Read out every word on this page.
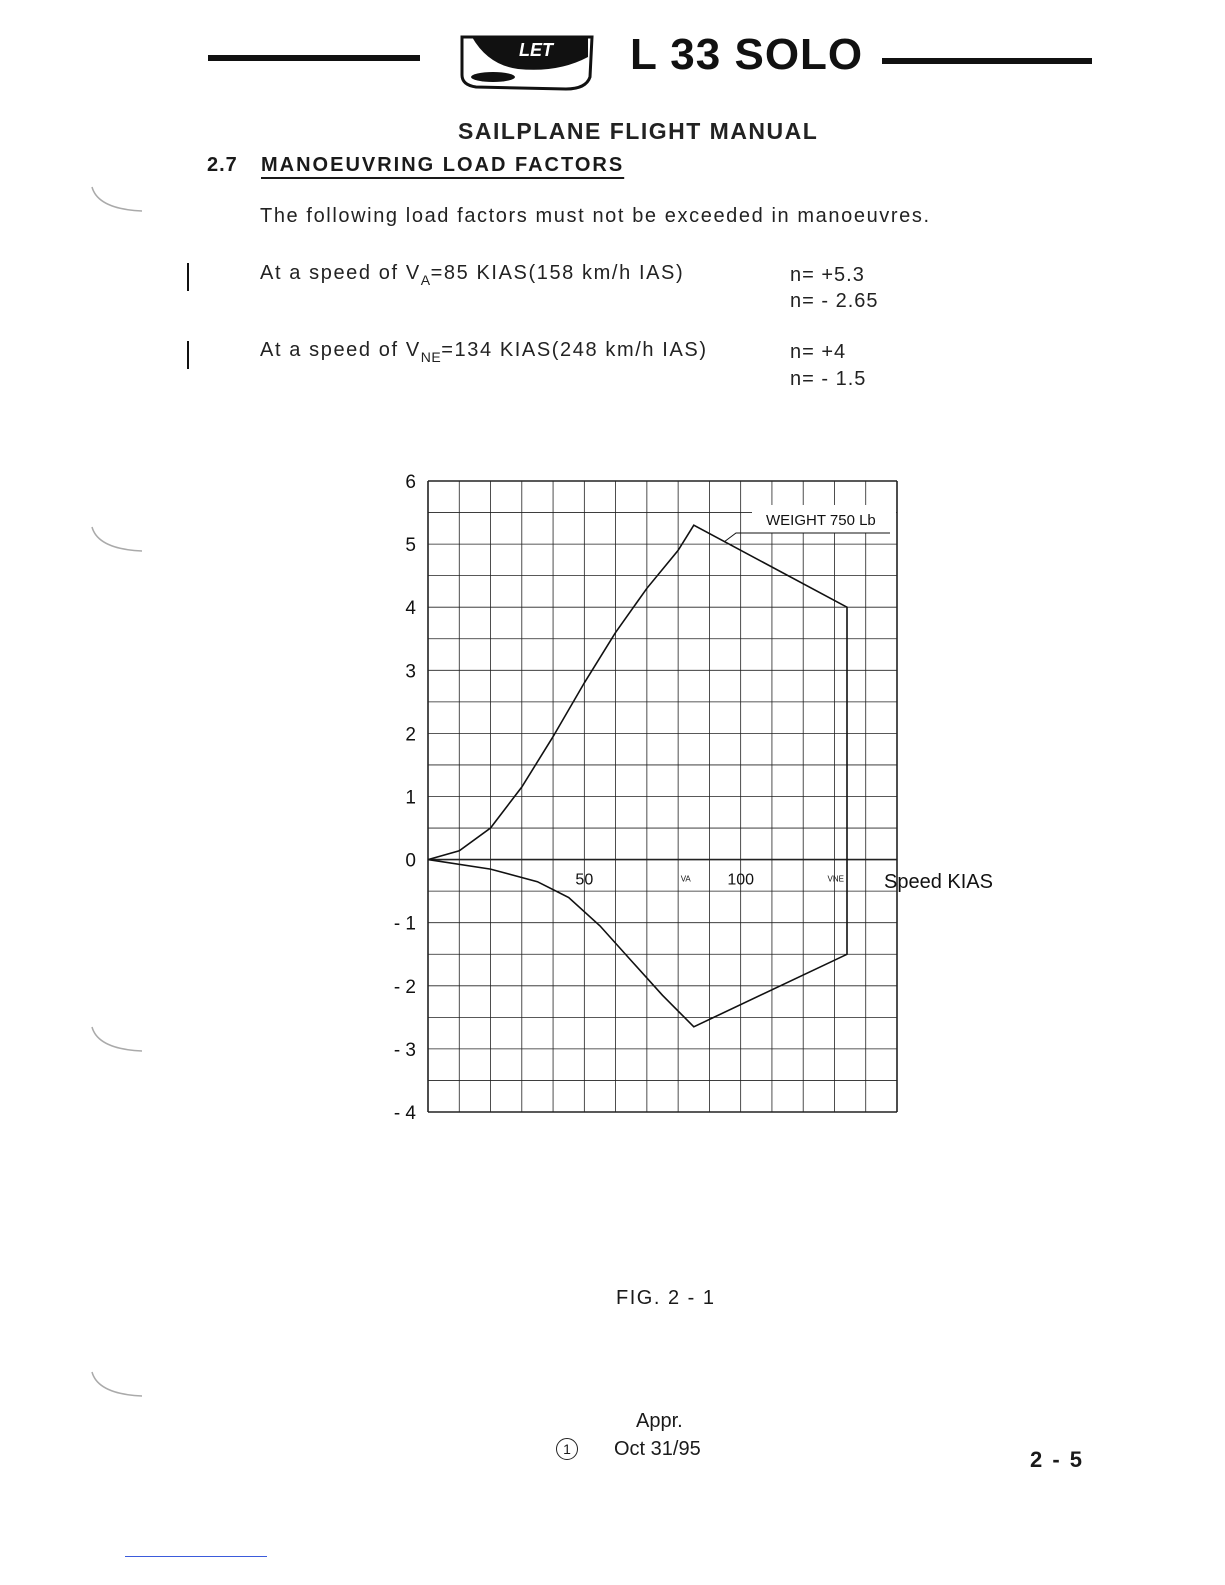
LET L 33 SOLO
SAILPLANE FLIGHT MANUAL
2.7 MANOEUVRING LOAD FACTORS
The following load factors must not be exceeded in manoeuvres.
At a speed of $V_A=85$ KIAS(158 km/h IAS)	n= +5.3
n= - 2.65
At a speed of $V_{NE}=134$ KIAS(248 km/h IAS)	n= +4
n= - 1.5
6
5
4
3
2
1
0
- 1
- 2
- 3
- 4
50	100
VA	VNE
WEIGHT 750 Lb
Speed KIAS
FIG. 2 - 1
Appr.
1	Oct 31/95	2 - 5
